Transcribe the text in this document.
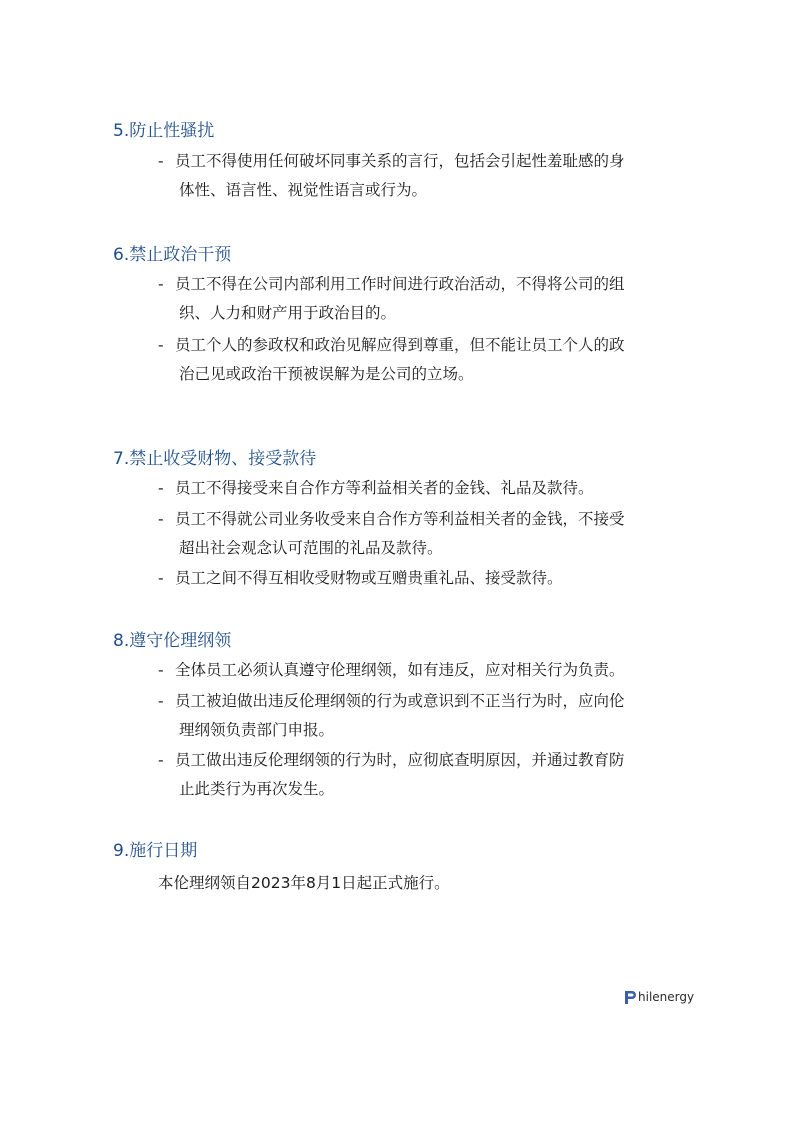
5.防止性骚扰
- 员工不得使用任何破坏同事关系的言行，包括会引起性羞耻感的身
体性、语言性、视觉性语言或行为。
6.禁止政治干预
- 员工不得在公司内部利用工作时间进行政治活动，不得将公司的组
织、人力和财产用于政治目的。
- 员工个人的参政权和政治见解应得到尊重，但不能让员工个人的政
治己见或政治干预被误解为是公司的立场。
7.禁止收受财物、接受款待
- 员工不得接受来自合作方等利益相关者的金钱、礼品及款待。
- 员工不得就公司业务收受来自合作方等利益相关者的金钱，不接受
超出社会观念认可范围的礼品及款待。
- 员工之间不得互相收受财物或互赠贵重礼品、接受款待。
8.遵守伦理纲领
- 全体员工必须认真遵守伦理纲领，如有违反，应对相关行为负责。
- 员工被迫做出违反伦理纲领的行为或意识到不正当行为时，应向伦
理纲领负责部门申报。
- 员工做出违反伦理纲领的行为时，应彻底查明原因，并通过教育防
止此类行为再次发生。
9.施行日期

本伦理纲领自2023年8月1日起正式施行。

hilenergy
